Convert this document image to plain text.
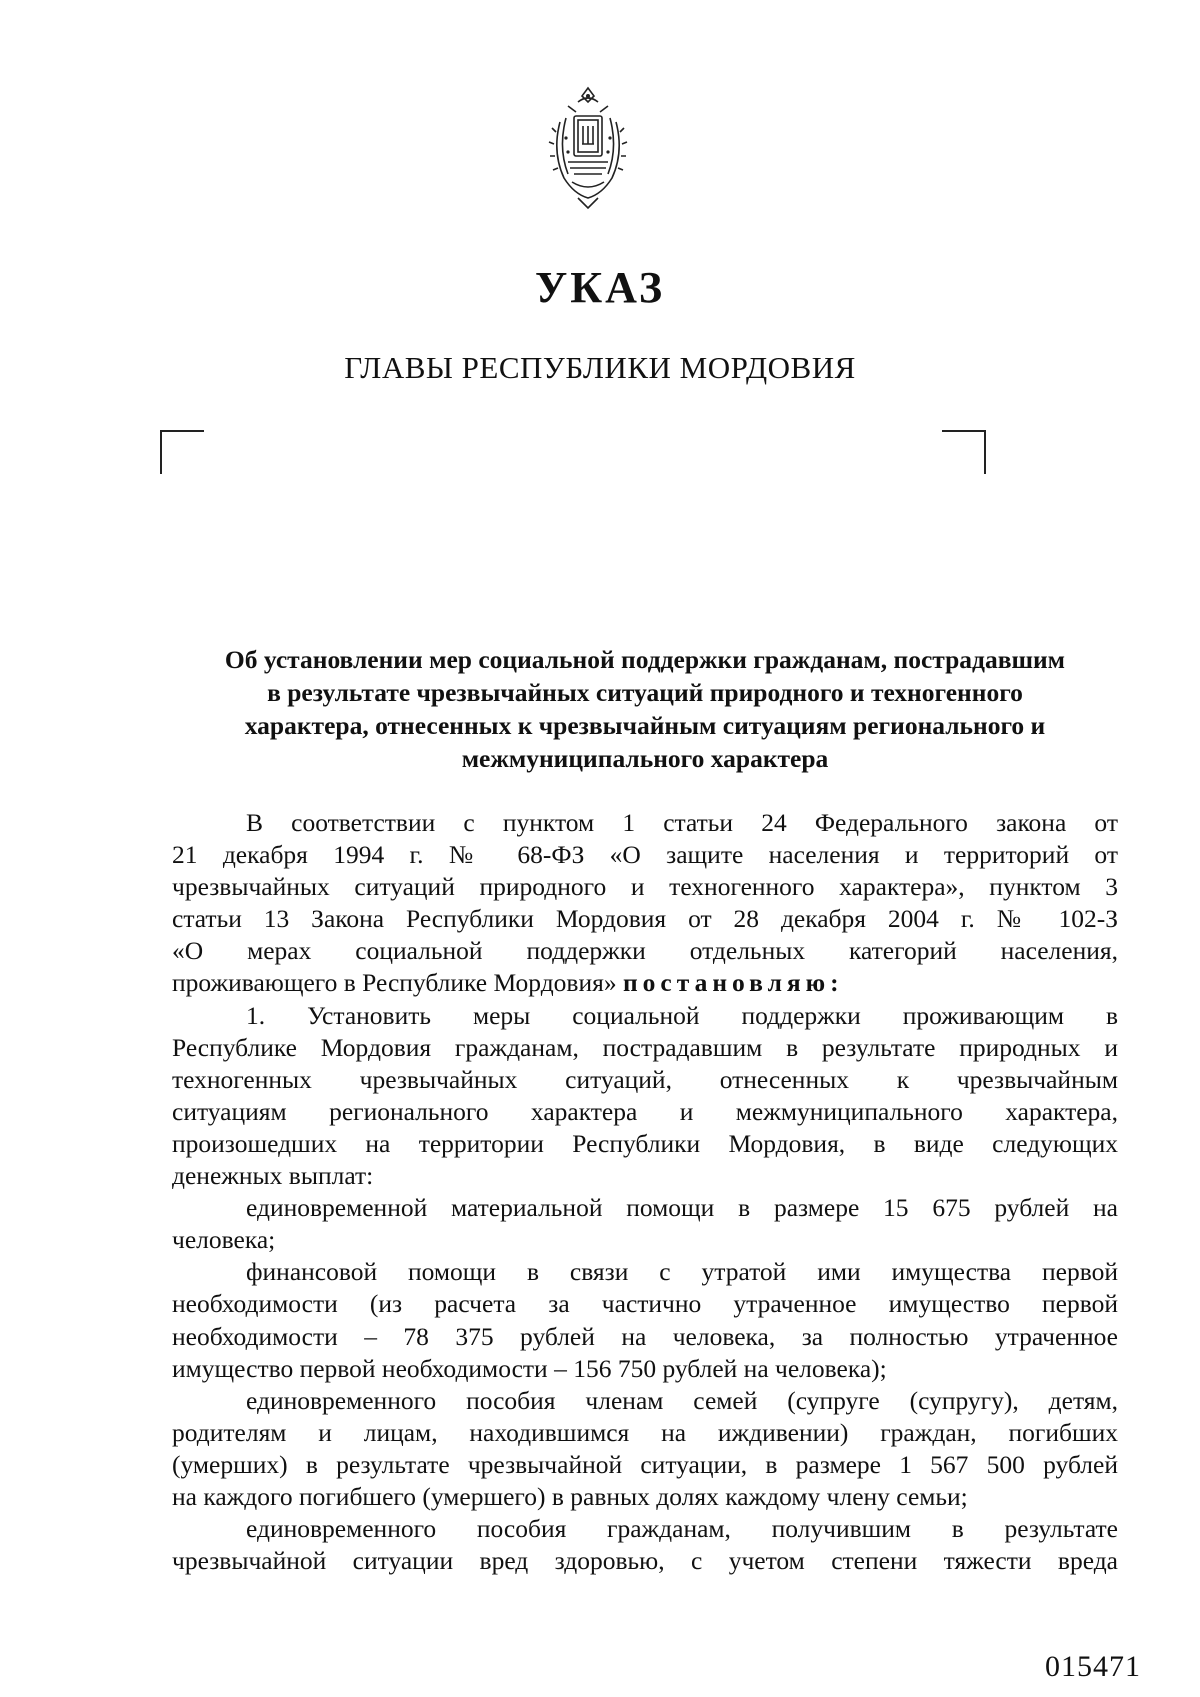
УКАЗ
ГЛАВЫ РЕСПУБЛИКИ МОРДОВИЯ
Об установлении мер социальной поддержки гражданам, пострадавшим
в результате чрезвычайных ситуаций природного и техногенного
характера, отнесенных к чрезвычайным ситуациям регионального и
межмуниципального характера
В соответствии с пунктом 1 статьи 24 Федерального закона от
21 декабря 1994 г. № 68-ФЗ «О защите населения и территорий от
чрезвычайных ситуаций природного и техногенного характера», пунктом 3
статьи 13 Закона Республики Мордовия от 28 декабря 2004 г. № 102-З
«О мерах социальной поддержки отдельных категорий населения,
проживающего в Республике Мордовия» постановляю:
1. Установить меры социальной поддержки проживающим в
Республике Мордовия гражданам, пострадавшим в результате природных и
техногенных чрезвычайных ситуаций, отнесенных к чрезвычайным
ситуациям регионального характера и межмуниципального характера,
произошедших на территории Республики Мордовия, в виде следующих
денежных выплат:
единовременной материальной помощи в размере 15 675 рублей на
человека;
финансовой помощи в связи с утратой ими имущества первой
необходимости (из расчета за частично утраченное имущество первой
необходимости – 78 375 рублей на человека, за полностью утраченное
имущество первой необходимости – 156 750 рублей на человека);
единовременного пособия членам семей (супруге (супругу), детям,
родителям и лицам, находившимся на иждивении) граждан, погибших
(умерших) в результате чрезвычайной ситуации, в размере 1 567 500 рублей
на каждого погибшего (умершего) в равных долях каждому члену семьи;
единовременного пособия гражданам, получившим в результате
чрезвычайной ситуации вред здоровью, с учетом степени тяжести вреда
015471
